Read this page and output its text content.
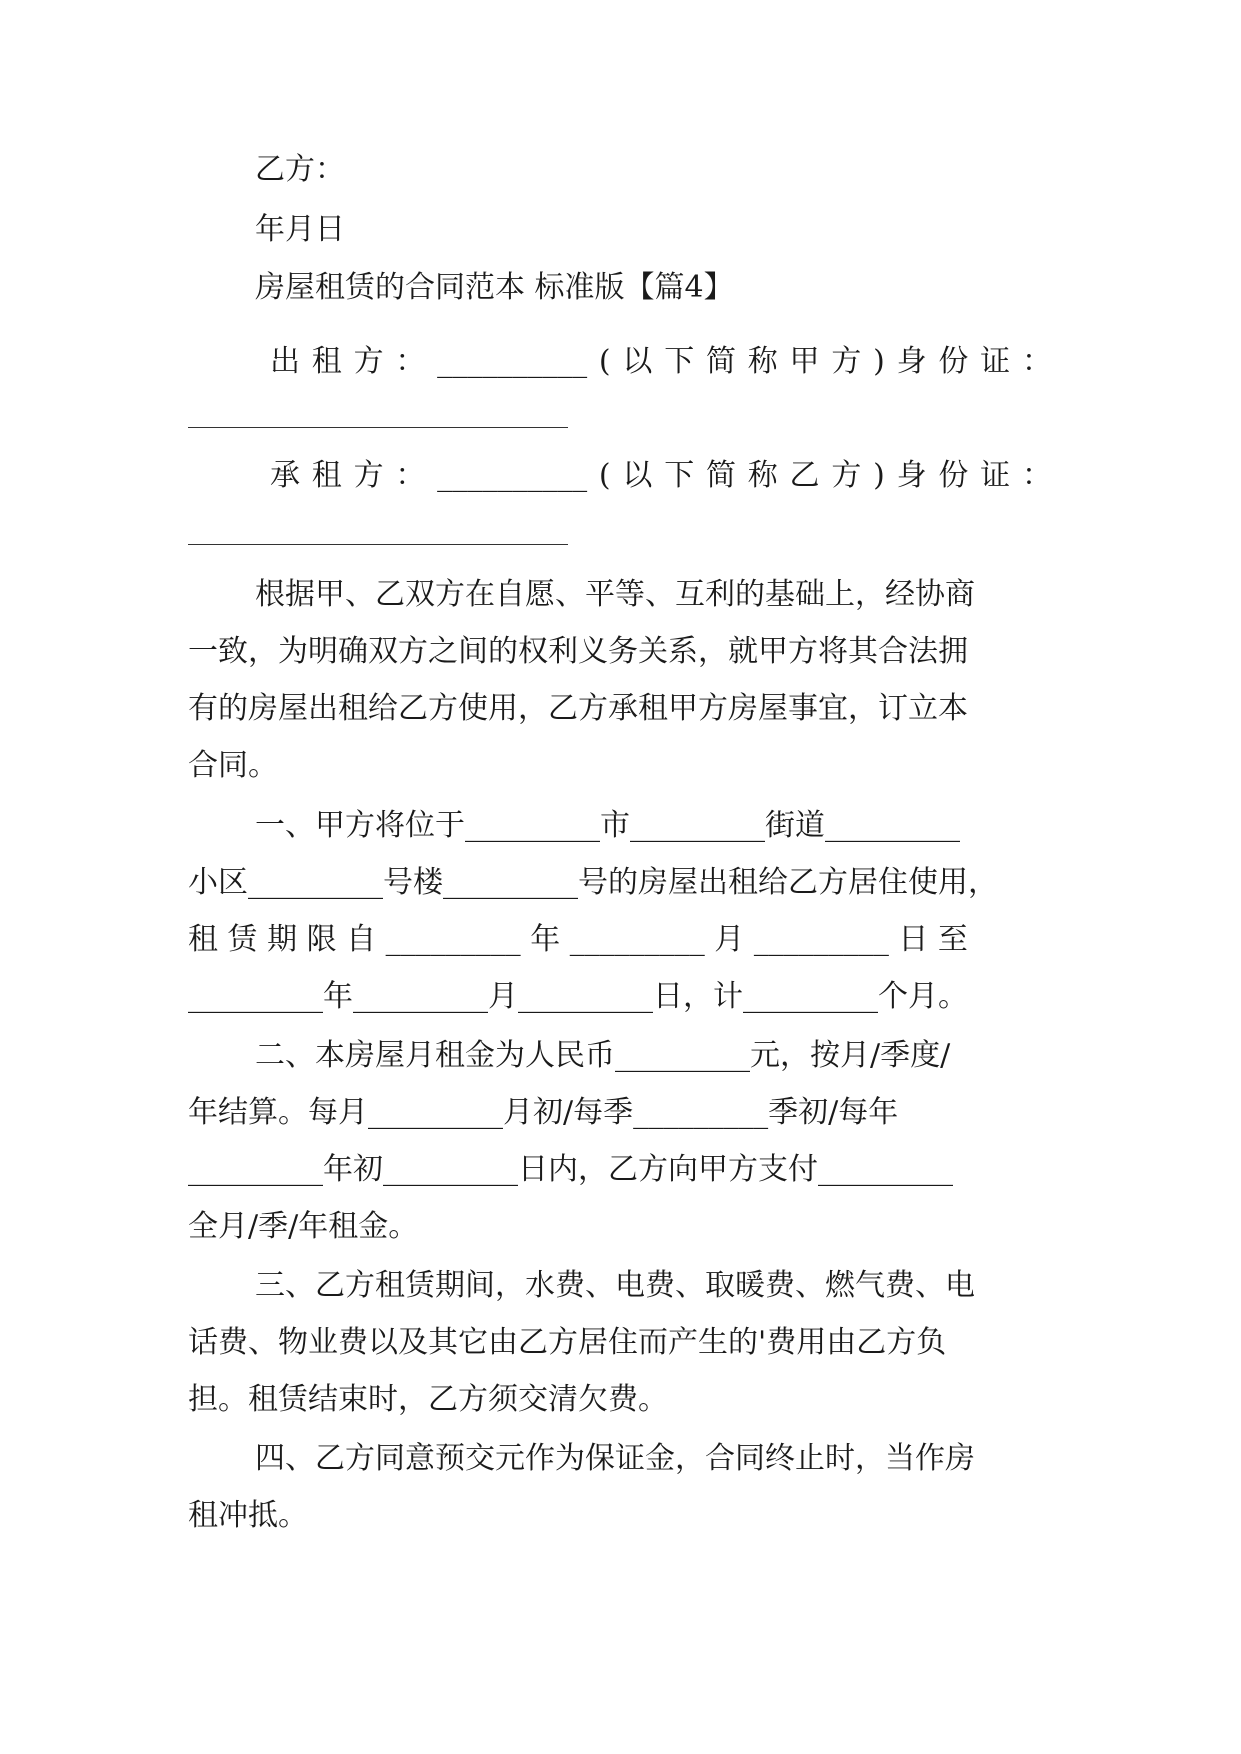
乙方：
年月日
房屋租赁的合同范本 标准版【篇4】
出 租 方 ： __________ ( 以 下 简 称 甲 方 ) 身 份 证 ：
承 租 方 ： __________ ( 以 下 简 称 乙 方 ) 身 份 证 ：
根据甲、乙双方在自愿、平等、互利的基础上，经协商
一致，为明确双方之间的权利义务关系，就甲方将其合法拥
有的房屋出租给乙方使用，乙方承租甲方房屋事宜，订立本
合同。
一、甲方将位于_________市_________街道_________
小区_________号楼_________号的房屋出租给乙方居住使用，
租 赁 期 限 自 _________ 年 _________ 月 _________ 日 至
_________年_________月_________日，计_________个月。
二、本房屋月租金为人民币_________元，按月/季度/
年结算。每月_________月初/每季_________季初/每年
_________年初_________日内，乙方向甲方支付_________
全月/季/年租金。
三、乙方租赁期间，水费、电费、取暖费、燃气费、电
话费、物业费以及其它由乙方居住而产生的'费用由乙方负
担。租赁结束时，乙方须交清欠费。
四、乙方同意预交元作为保证金，合同终止时，当作房
租冲抵。
